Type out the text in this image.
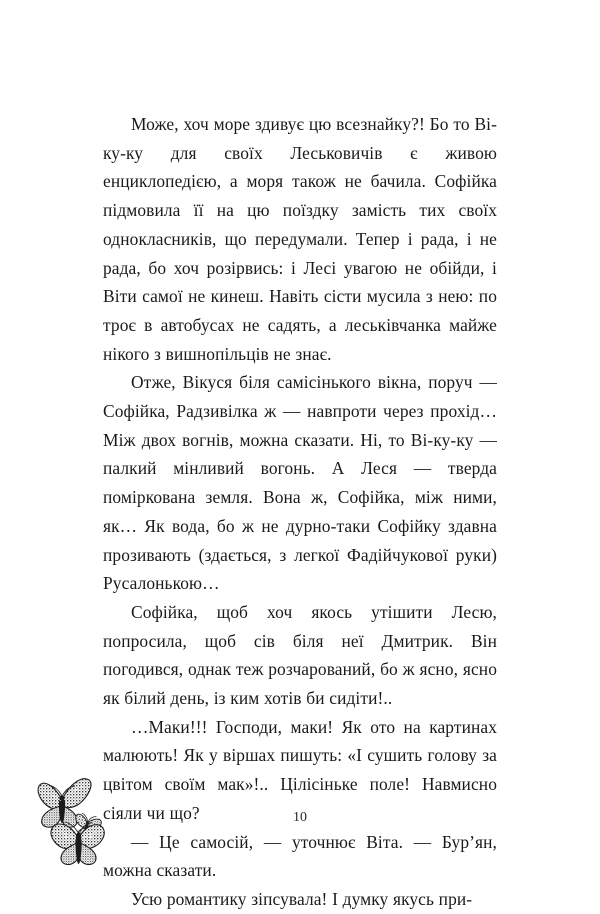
Може, хоч море здивує цю всезнайку?! Бо то Ві-ку-ку для своїх Леськовичів є живою енциклопедією, а моря також не бачила. Софійка підмовила її на цю поїздку замість тих своїх однокласників, що передумали. Тепер і рада, і не рада, бо хоч розірвись: і Лесі увагою не обійди, і Віти самої не кинеш. Навіть сісти мусила з нею: по троє в автобусах не садять, а леськівчанка майже нікого з вишнопільців не знає.

Отже, Вікуся біля самісінького вікна, поруч — Софійка, Радзивілка ж — навпроти через прохід… Між двох вогнів, можна сказати. Ні, то Ві-ку-ку — палкий мінливий вогонь. А Леся — тверда поміркована земля. Вона ж, Софійка, між ними, як… Як вода, бо ж не дурно-таки Софійку здавна прозивають (здається, з легкої Фадійчукової руки) Русалонькою…

Софійка, щоб хоч якось утішити Лесю, попросила, щоб сів біля неї Дмитрик. Він погодився, однак теж розчарований, бо ж ясно, ясно як білий день, із ким хотів би сидіти!..

…Маки!!! Господи, маки! Як ото на картинах малюють! Як у віршах пишуть: «І сушить голову за цвітом своїм мак»!.. Цілісіньке поле! Навмисно сіяли чи що?

— Це самосій, — уточнює Віта. — Бур’ян, можна сказати.

Усю романтику зіпсувала! І думку якусь при-

10
